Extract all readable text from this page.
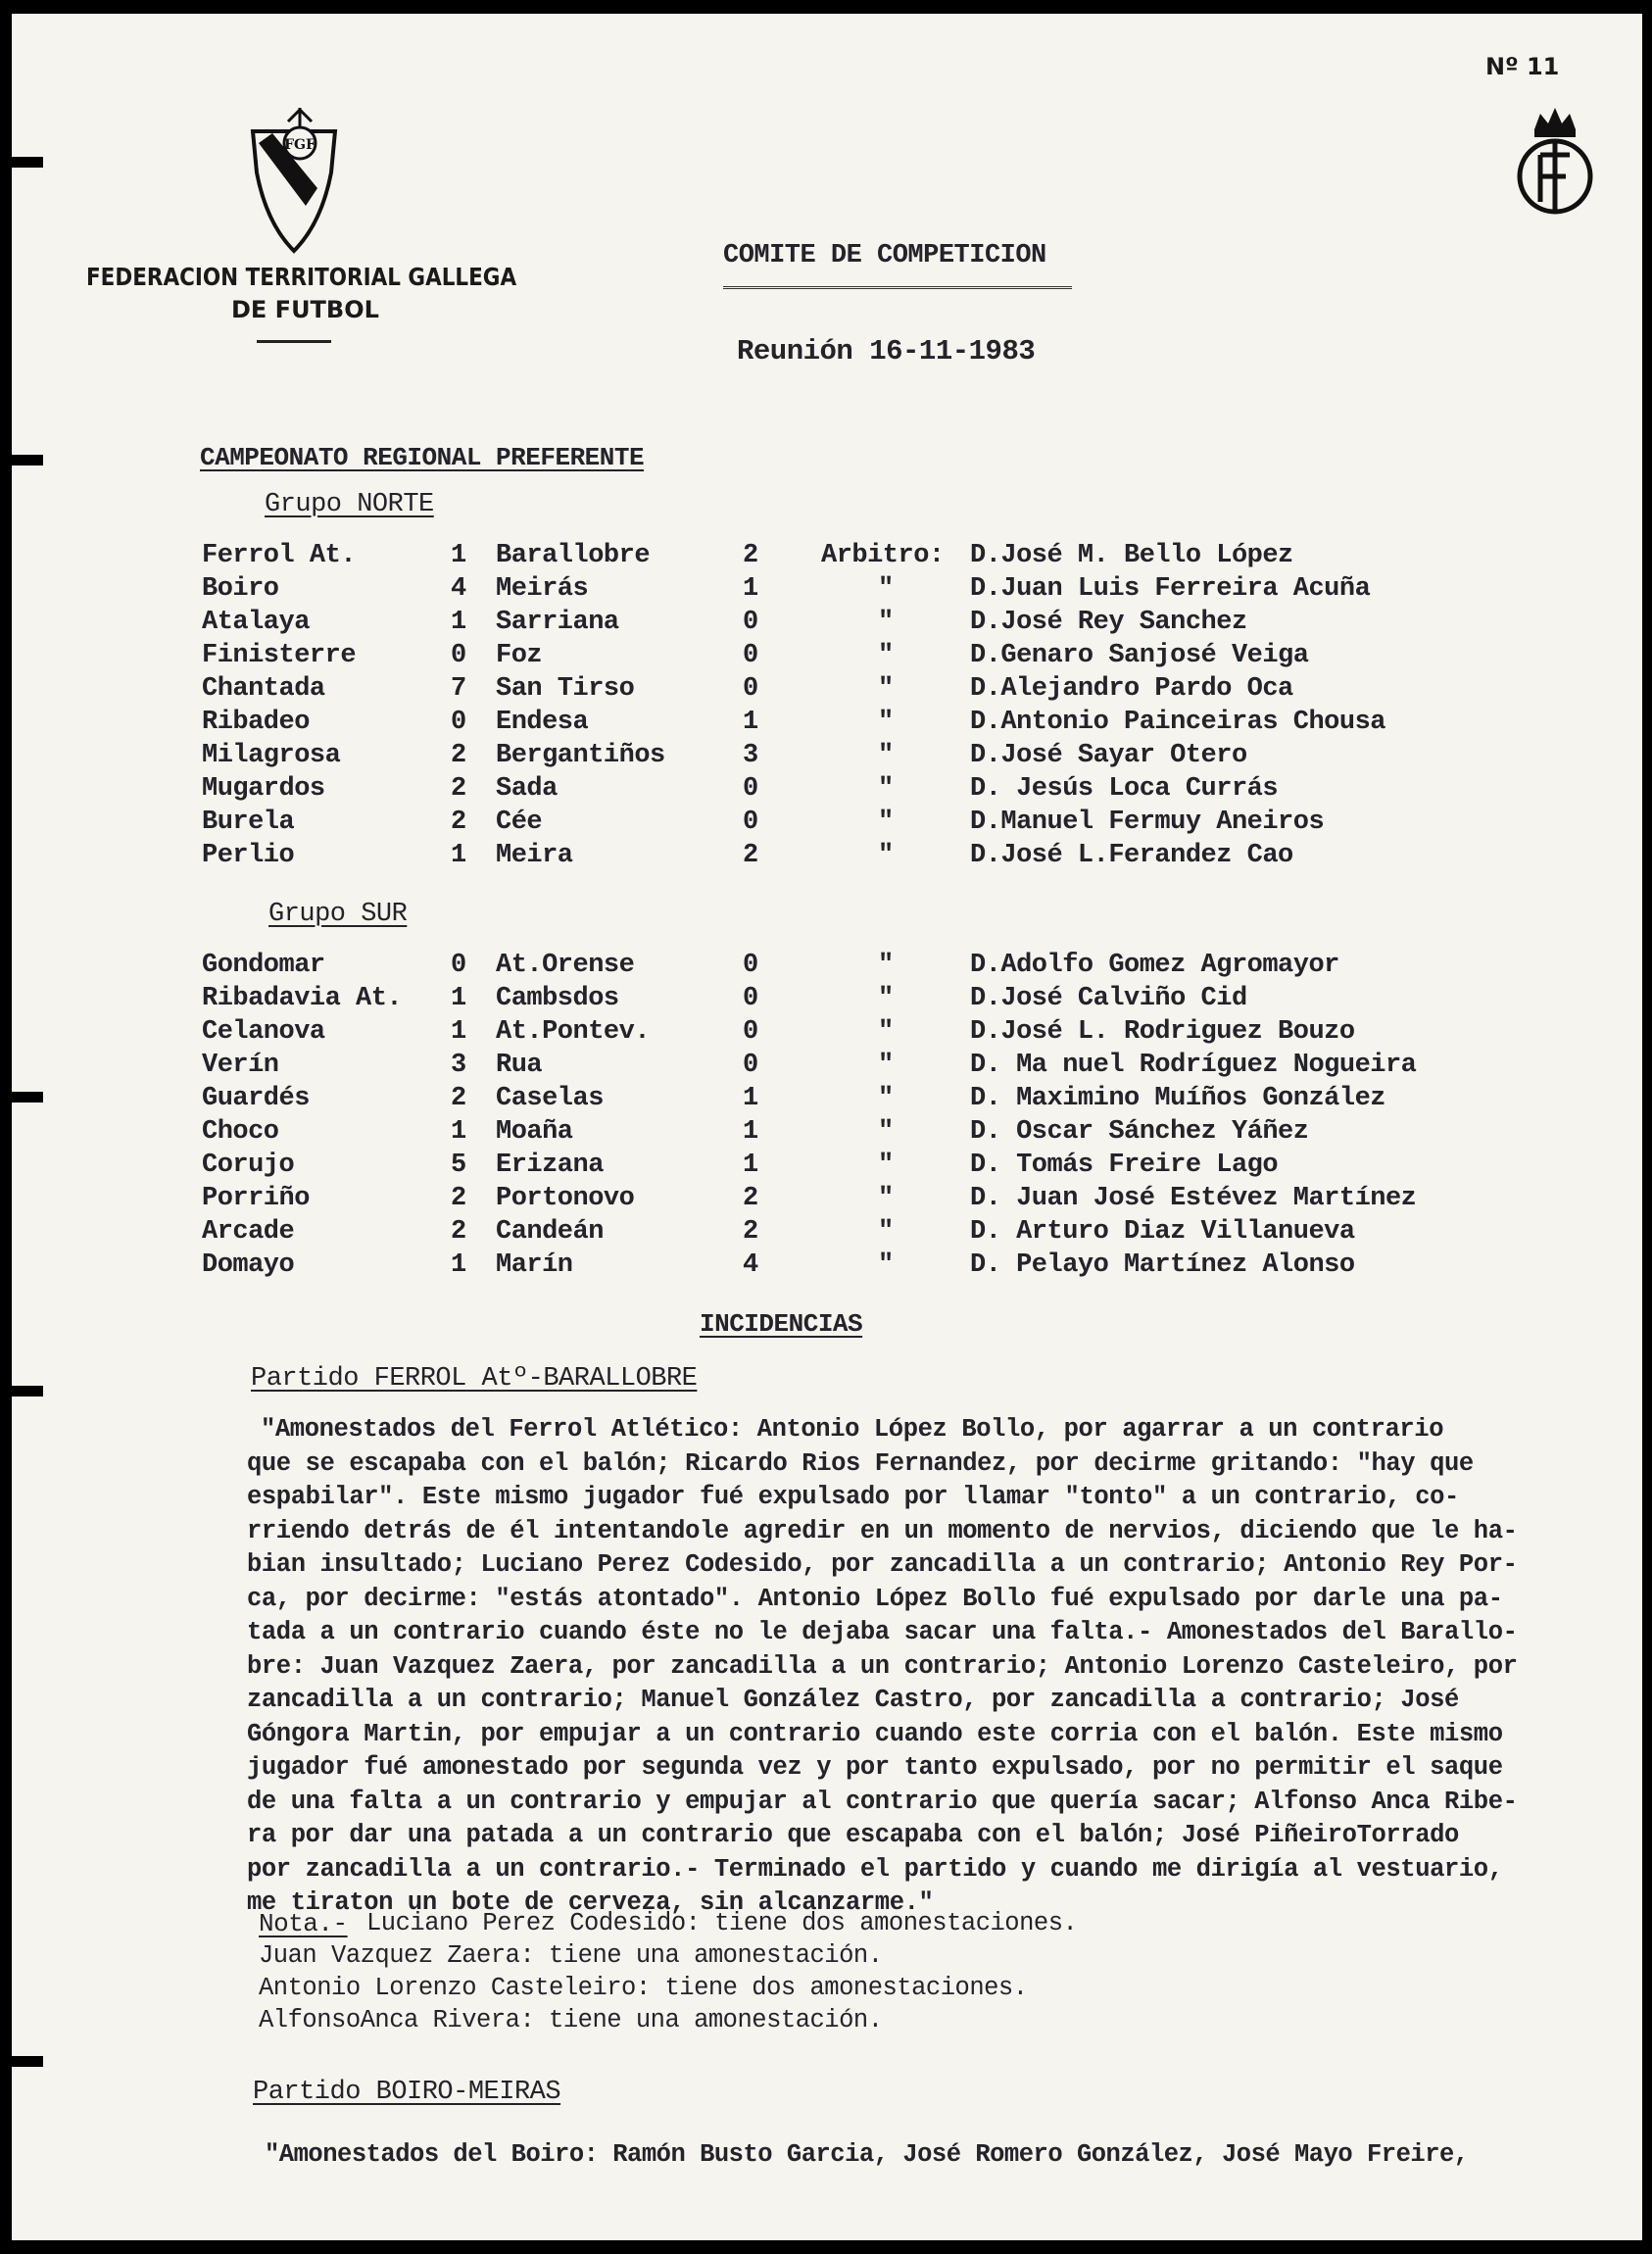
Nº 11
FGF
FEDERACION TERRITORIAL GALLEGA
DE FUTBOL
COMITE DE COMPETICION
Reunión 16-11-1983
CAMPEONATO REGIONAL PREFERENTE
Grupo NORTE
Ferrol At.	1 Barallobre	2 Arbitro: D.José M. Bello López
Boiro	4 Meirás	1	"	D.Juan Luis Ferreira Acuña
Atalaya	1 Sarriana	0	"	D.José Rey Sanchez
Finisterre	0 Foz	0	"	D.Genaro Sanjosé Veiga
Chantada	7 San Tirso	0	"	D.Alejandro Pardo Oca
Ribadeo	0 Endesa	1	"	D.Antonio Painceiras Chousa
Milagrosa	2 Bergantiños	3	"	D.José Sayar Otero
Mugardos	2 Sada	0	"	D. Jesús Loca Currás
Burela	2 Cée	0	"	D.Manuel Fermuy Aneiros
Perlio	1 Meira	2	"	D.José L.Ferandez Cao
Grupo SUR
Gondomar	0 At.Orense	0	"	D.Adolfo Gomez Agromayor
Ribadavia At. 1 Cambsdos	0	"	D.José Calviño Cid
Celanova	1 At.Pontev.	0	"	D.José L. Rodriguez Bouzo
Verín	3 Rua	0	"	D. Ma nuel Rodríguez Nogueira
Guardés	2 Caselas	1	"	D. Maximino Muíños González
Choco	1 Moaña	1	"	D. Oscar Sánchez Yáñez
Corujo	5 Erizana	1	"	D. Tomás Freire Lago
Porriño	2 Portonovo	2	"	D. Juan José Estévez Martínez
Arcade	2 Candeán	2	"	D. Arturo Diaz Villanueva
Domayo	1 Marín	4	"	D. Pelayo Martínez Alonso
INCIDENCIAS
Partido FERROL Atº-BARALLOBRE
"Amonestados del Ferrol Atlético: Antonio López Bollo, por agarrar a un contrario
que se escapaba con el balón; Ricardo Rios Fernandez, por decirme gritando: "hay que
espabilar". Este mismo jugador fué expulsado por llamar "tonto" a un contrario, co-
rriendo detrás de él intentandole agredir en un momento de nervios, diciendo que le ha-
bian insultado; Luciano Perez Codesido, por zancadilla a un contrario; Antonio Rey Por-
ca, por decirme: "estás atontado". Antonio López Bollo fué expulsado por darle una pa-
tada a un contrario cuando éste no le dejaba sacar una falta.- Amonestados del Barallo-
bre: Juan Vazquez Zaera, por zancadilla a un contrario; Antonio Lorenzo Casteleiro, por
zancadilla a un contrario; Manuel González Castro, por zancadilla a contrario; José
Góngora Martin, por empujar a un contrario cuando este corria con el balón. Este mismo
jugador fué amonestado por segunda vez y por tanto expulsado, por no permitir el saque
de una falta a un contrario y empujar al contrario que quería sacar; Alfonso Anca Ribe-
ra por dar una patada a un contrario que escapaba con el balón; José PiñeiroTorrado
por zancadilla a un contrario.- Terminado el partido y cuando me dirigía al vestuario,
me tiraton un bote de cerveza, sin alcanzarme."
Nota.- Luciano Perez Codesido: tiene dos amonestaciones.
Juan Vazquez Zaera: tiene una amonestación.
Antonio Lorenzo Casteleiro: tiene dos amonestaciones.
AlfonsoAnca Rivera: tiene una amonestación.
Partido BOIRO-MEIRAS
"Amonestados del Boiro: Ramón Busto Garcia, José Romero González, José Mayo Freire,
